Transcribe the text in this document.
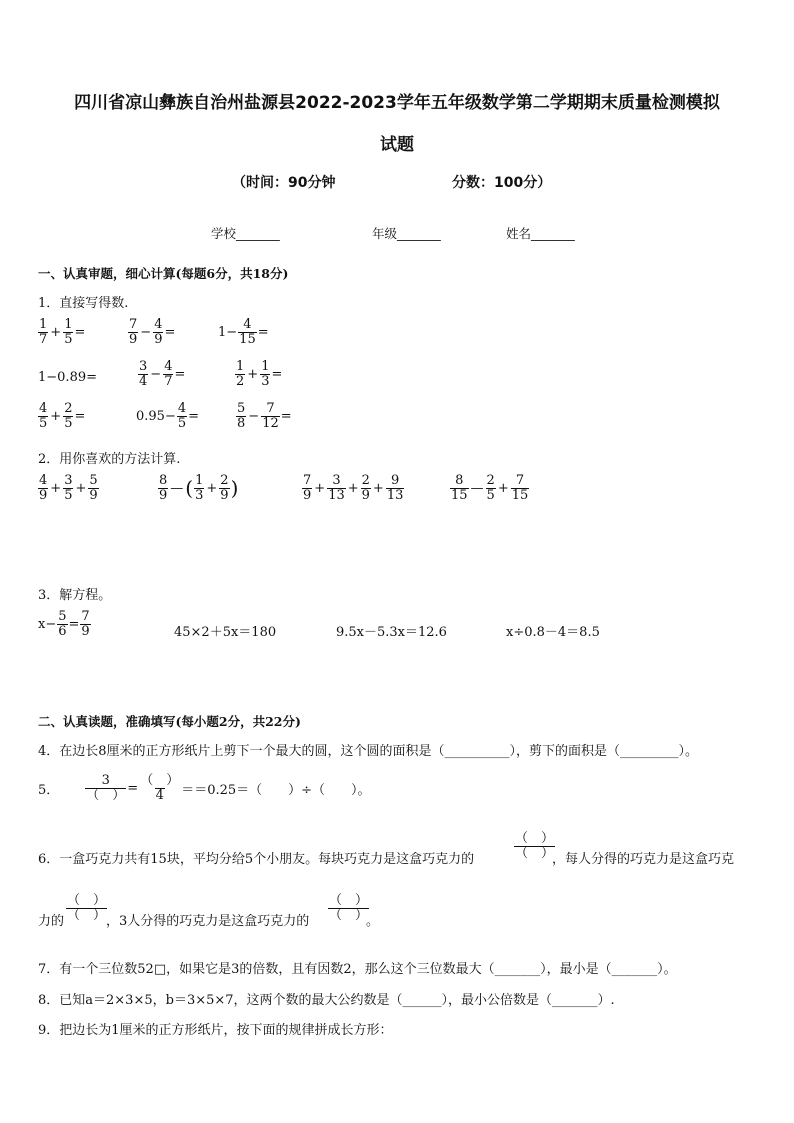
四川省凉山彝族自治州盐源县2022-2023学年五年级数学第二学期期末质量检测模拟
试题
（时间：90分钟	分数：100分）
学校_______	年级_______	姓名_______
一、认真审题，细心计算(每题6分，共18分)
1．直接写得数.
$\frac{1}{7} + \frac{1}{5}$ =	$\frac{7}{9} - \frac{4}{9}$ =	$1- \frac{4}{15}$ =
1−0.89=	$\frac{3}{4} - \frac{4}{7}$ =	$\frac{1}{2} + \frac{1}{3}$ =
$\frac{4}{5} + \frac{2}{5}$ =	$0.95- \frac{4}{5}$ =	$\frac{5}{8} - \frac{7}{12}$ =
2．用你喜欢的方法计算.
$\frac{4}{9} + \frac{3}{5} + \frac{5}{9}$	$\frac{8}{9}$ — ( $\frac{1}{3} + \frac{2}{9}$ )	$\frac{7}{9} + \frac{3}{13} + \frac{2}{9} + \frac{9}{13}$	$\frac{8}{15}$ — $\frac{2}{5} + \frac{7}{15}$
3．解方程。
$x- \frac{5}{6} = \frac{7}{9}$	45×2＋5x＝180	9.5x－5.3x＝12.6	x÷0.8－4＝8.5
二、认真读题，准确填写(每小题2分，共22分)
4．在边长8厘米的正方形纸片上剪下一个最大的圆，这个圆的面积是（__________），剪下的面积是（_________）。
5． $\frac{3}{( )} = \frac{( )}{4} ==0.25=$（　　）÷（　　）。
6．一盒巧克力共有15块，平均分给5个小朋友。每块巧克力是这盒巧克力的	$\frac{( )}{( )}$
，每人分得的巧克力是这盒巧克
力的 $\frac{( )}{( )}$
，3人分得的巧克力是这盒巧克力的 $\frac{( )}{( )}$
。
7．有一个三位数52□，如果它是3的倍数，且有因数2，那么这个三位数最大（_______），最小是（_______）。
8．已知a＝2×3×5，b＝3×5×7，这两个数的最大公约数是（______），最小公倍数是（_______）.
9．把边长为1厘米的正方形纸片，按下面的规律拼成长方形：
